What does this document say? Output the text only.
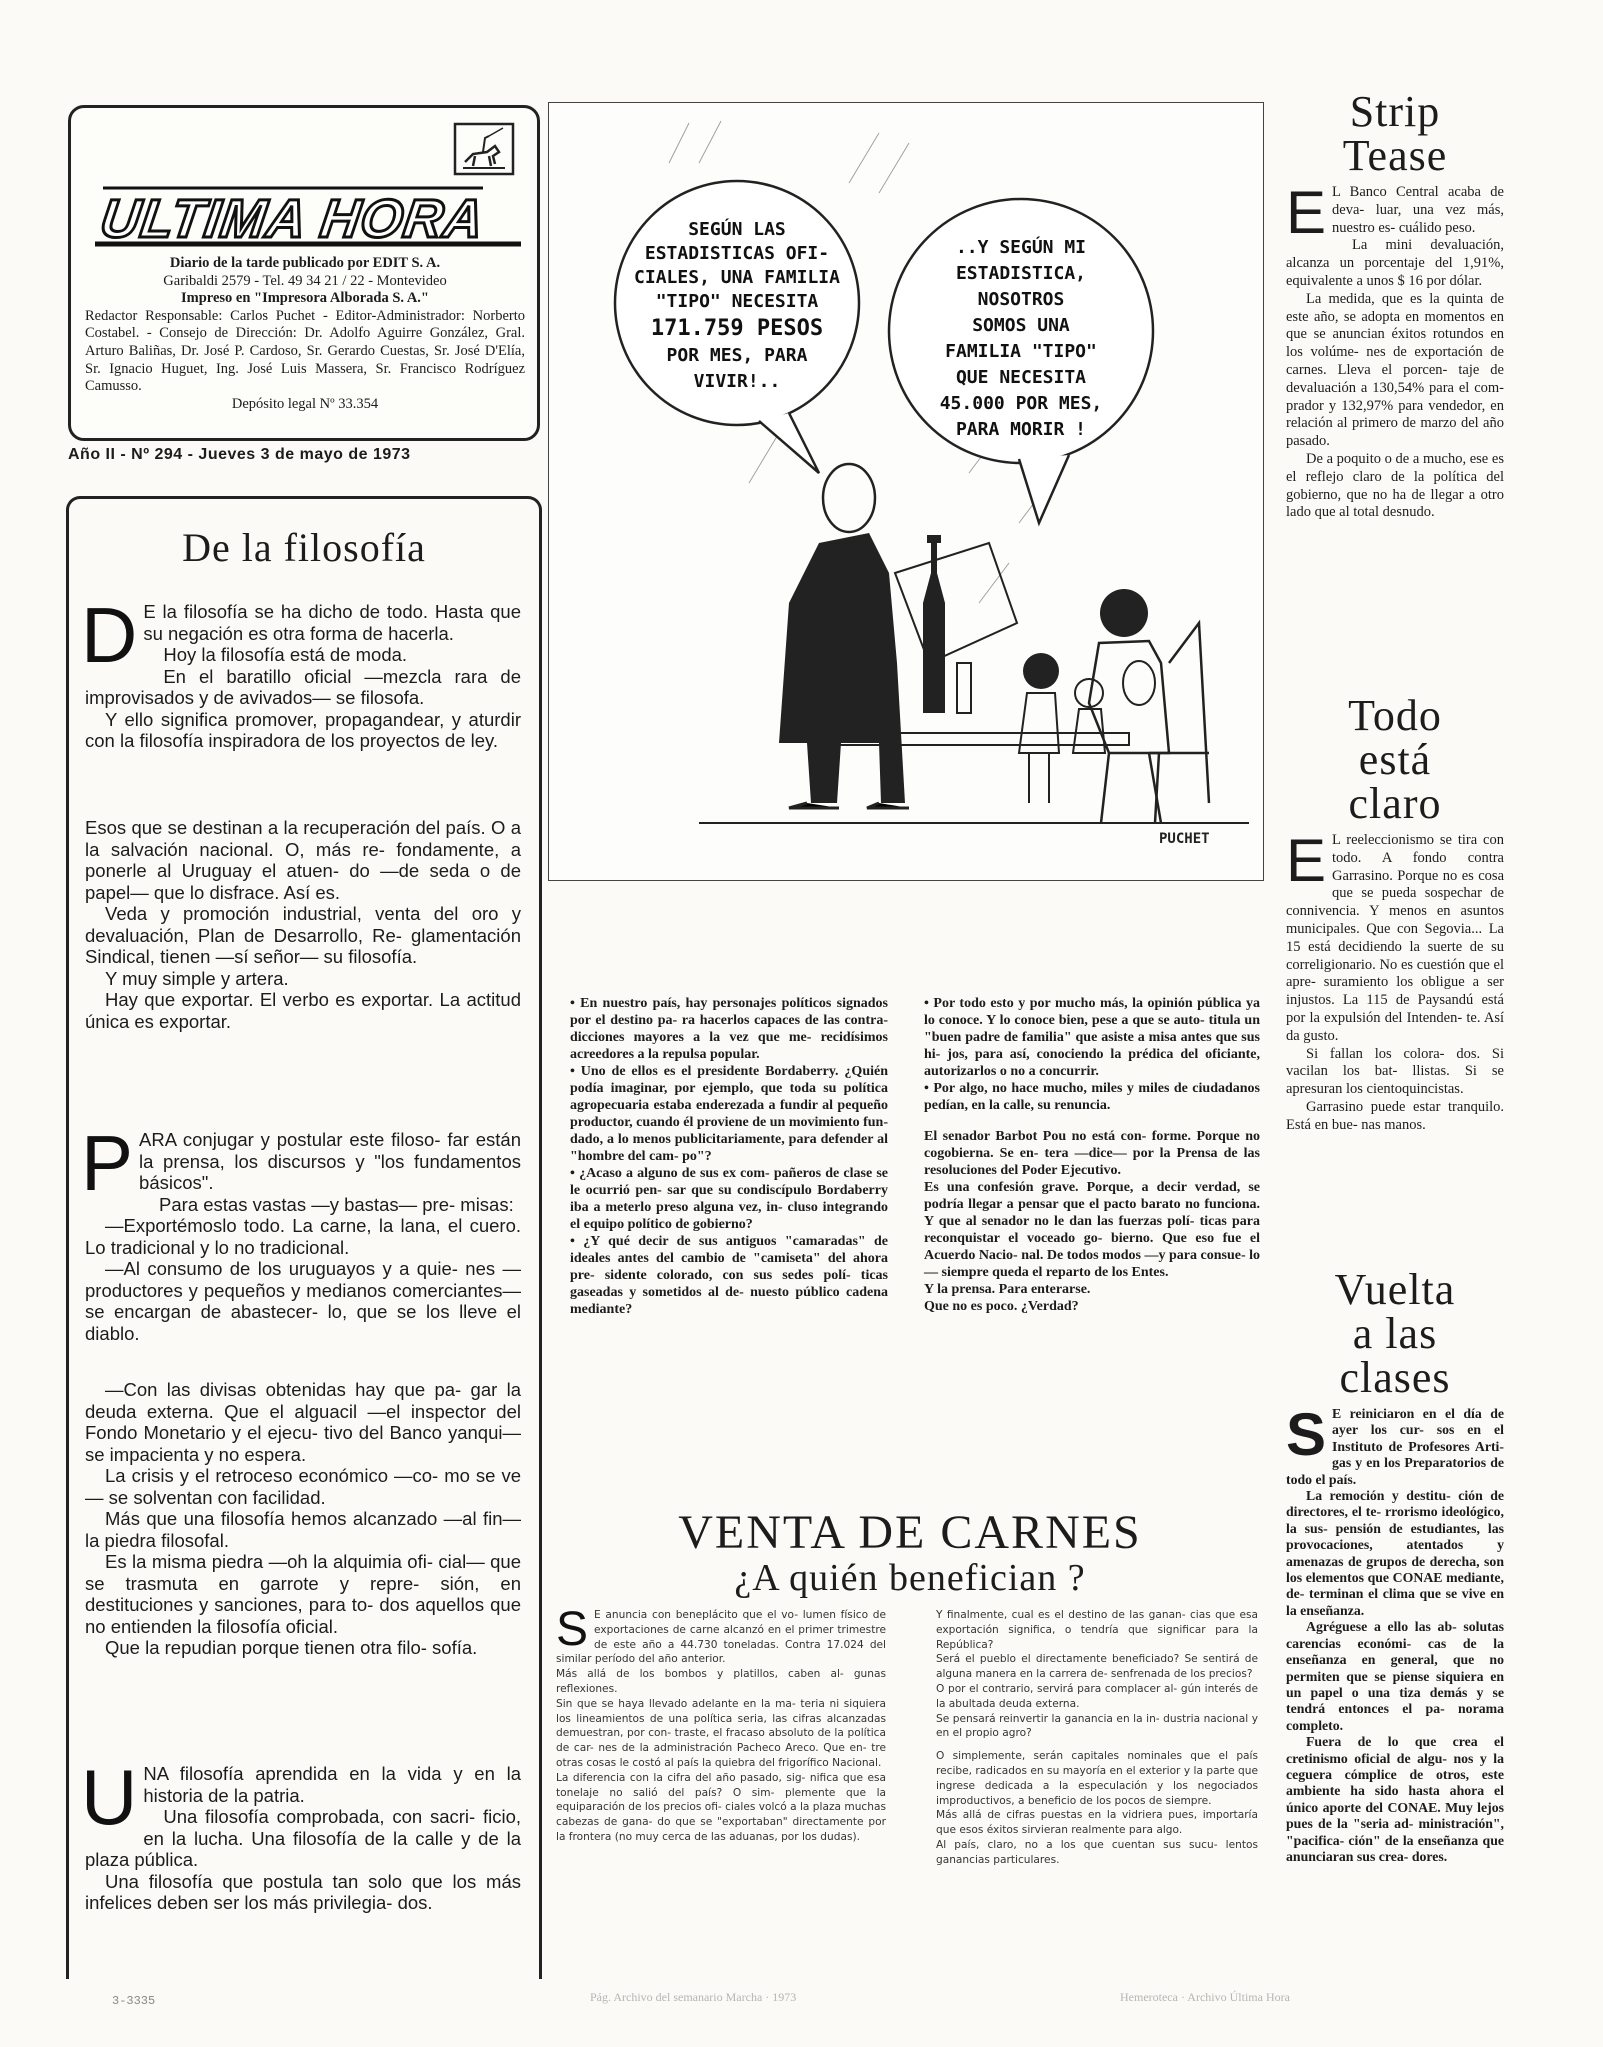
ULTIMA HORA

Diario de la tarde publicado por EDIT S. A.

Garibaldi 2579 - Tel. 49 34 21 / 22 - Montevideo

Impreso en "Impresora Alborada S. A."

Redactor Responsable: Carlos Puchet - Editor-Administrador: Norberto Costabel. - Consejo de Dirección: Dr. Adolfo Aguirre González, Gral. Arturo Baliñas, Dr. José P. Cardoso, Sr. Gerardo Cuestas, Sr. José D'Elía, Sr. Ignacio Huguet, Ing. José Luis Massera, Sr. Francisco Rodríguez Camusso.

Depósito legal Nº 33.354

Año II - Nº 294 - Jueves 3 de mayo de 1973
De la filosofía
D E la filosofía se ha dicho de todo. Hasta que su negación es otra forma de hacerla.

Hoy la filosofía está de moda.

En el baratillo oficial —mezcla rara de improvisados y de avivados— se filosofa.

Y ello significa promover, propagandear, y aturdir con la filosofía inspiradora de los proyectos de ley.

Esos que se destinan a la recuperación del país. O a la salvación nacional. O, más re- fondamente, a ponerle al Uruguay el atuen- do —de seda o de papel— que lo disfrace. Así es.

Veda y promoción industrial, venta del oro y devaluación, Plan de Desarrollo, Re- glamentación Sindical, tienen —sí señor— su filosofía.

Y muy simple y artera.

Hay que exportar. El verbo es exportar. La actitud única es exportar.

P ARA conjugar y postular este filoso- far están la prensa, los discursos y "los fundamentos básicos".

Para estas vastas —y bastas— pre- misas:

—Exportémoslo todo. La carne, la lana, el cuero. Lo tradicional y lo no tradicional.

—Al consumo de los uruguayos y a quie- nes —productores y pequeños y medianos comerciantes— se encargan de abastecer- lo, que se los lleve el diablo.

—Con las divisas obtenidas hay que pa- gar la deuda externa. Que el alguacil —el inspector del Fondo Monetario y el ejecu- tivo del Banco yanqui— se impacienta y no espera.

La crisis y el retroceso económico —co- mo se ve— se solventan con facilidad.

Más que una filosofía hemos alcanzado —al fin— la piedra filosofal.

Es la misma piedra —oh la alquimia ofi- cial— que se trasmuta en garrote y repre- sión, en destituciones y sanciones, para to- dos aquellos que no entienden la filosofía oficial.

Que la repudian porque tienen otra filo- sofía.

U NA filosofía aprendida en la vida y en la historia de la patria.

Una filosofía comprobada, con sacri- ficio, en la lucha. Una filosofía de la calle y de la plaza pública.

Una filosofía que postula tan solo que los más infelices deben ser los más privilegia- dos.

SEGÚN LAS
ESTADISTICAS OFI-
CIALES, UNA FAMILIA
"TIPO" NECESITA
171.759 PESOS
POR MES, PARA
VIVIR!..
..Y SEGÚN MI
ESTADISTICA,
NOSOTROS
SOMOS UNA
FAMILIA "TIPO"
QUE NECESITA
45.000 POR MES,
PARA MORIR !
PUCHET

• En nuestro país, hay personajes políticos signados por el destino pa- ra hacerlos capaces de las contra- dicciones mayores a la vez que me- recidísimos acreedores a la repulsa popular.

• Uno de ellos es el presidente Bordaberry. ¿Quién podía imaginar, por ejemplo, que toda su política agropecuaria estaba enderezada a fundir al pequeño productor, cuando él proviene de un movimiento fun- dado, a lo menos publicitariamente, para defender al "hombre del cam- po"?

• ¿Acaso a alguno de sus ex com- pañeros de clase se le ocurrió pen- sar que su condiscípulo Bordaberry iba a meterlo preso alguna vez, in- cluso integrando el equipo político de gobierno?

• ¿Y qué decir de sus antiguos "camaradas" de ideales antes del cambio de "camiseta" del ahora pre- sidente colorado, con sus sedes polí- ticas gaseadas y sometidos al de- nuesto público cadena mediante?

• Por todo esto y por mucho más, la opinión pública ya lo conoce. Y lo conoce bien, pese a que se auto- titula un "buen padre de familia" que asiste a misa antes que sus hi- jos, para así, conociendo la prédica del oficiante, autorizarlos o no a concurrir.

• Por algo, no hace mucho, miles y miles de ciudadanos pedían, en la calle, su renuncia.

El senador Barbot Pou no está con- forme. Porque no cogobierna. Se en- tera —dice— por la Prensa de las resoluciones del Poder Ejecutivo.

Es una confesión grave. Porque, a decir verdad, se podría llegar a pensar que el pacto barato no funciona. Y que al senador no le dan las fuerzas polí- ticas para reconquistar el voceado go- bierno. Que eso fue el Acuerdo Nacio- nal. De todos modos —y para consue- lo— siempre queda el reparto de los Entes.

Y la prensa. Para enterarse.

Que no es poco. ¿Verdad?

VENTA DE CARNES
¿A quién benefician ?
S E anuncia con beneplácito que el vo- lumen físico de exportaciones de carne alcanzó en el primer trimestre de este año a 44.730 toneladas. Contra 17.024 del similar período del año anterior.

Más allá de los bombos y platillos, caben al- gunas reflexiones.

Sin que se haya llevado adelante en la ma- teria ni siquiera los lineamientos de una política seria, las cifras alcanzadas demuestran, por con- traste, el fracaso absoluto de la política de car- nes de la administración Pacheco Areco. Que en- tre otras cosas le costó al país la quiebra del frigorífico Nacional.

La diferencia con la cifra del año pasado, sig- nifica que esa tonelaje no salió del país? O sim- plemente que la equiparación de los precios ofi- ciales volcó a la plaza muchas cabezas de gana- do que se "exportaban" directamente por la frontera (no muy cerca de las aduanas, por los dudas).

Y finalmente, cual es el destino de las ganan- cias que esa exportación significa, o tendría que significar para la República?

Será el pueblo el directamente beneficiado? Se sentirá de alguna manera en la carrera de- senfrenada de los precios?

O por el contrario, servirá para complacer al- gún interés de la abultada deuda externa.

Se pensará reinvertir la ganancia en la in- dustria nacional y en el propio agro?

O simplemente, serán capitales nominales que el país recibe, radicados en su mayoría en el exterior y la parte que ingrese dedicada a la especulación y los negociados improductivos, a beneficio de los pocos de siempre.

Más allá de cifras puestas en la vidriera pues, importaría que esos éxitos sirvieran realmente para algo.

Al país, claro, no a los que cuentan sus sucu- lentos ganancias particulares.

Strip
Tease
E L Banco Central acaba de deva- luar, una vez más, nuestro es- cuálido peso.

La mini devaluación, alcanza un porcentaje del 1,91%, equivalente a unos $ 16 por dólar.

La medida, que es la quinta de este año, se adopta en momentos en que se anuncian éxitos rotundos en los volúme- nes de exportación de carnes. Lleva el porcen- taje de devaluación a 130,54% para el com- prador y 132,97% para vendedor, en relación al primero de marzo del año pasado.

De a poquito o de a mucho, ese es el reflejo claro de la política del gobierno, que no ha de llegar a otro lado que al total desnudo.

Todo
está
claro
E L reeleccionismo se tira con todo. A fondo contra Garrasino. Porque no es cosa que se pueda sospechar de connivencia. Y menos en asuntos municipales. Que con Segovia... La 15 está decidiendo la suerte de su correligionario. No es cuestión que el apre- suramiento los obligue a ser injustos. La 115 de Paysandú está por la expulsión del Intenden- te. Así da gusto.

Si fallan los colora- dos. Si vacilan los bat- llistas. Si se apresuran los cientoquincistas.

Garrasino puede estar tranquilo. Está en bue- nas manos.

Vuelta
a las
clases
S E reiniciaron en el día de ayer los cur- sos en el Instituto de Profesores Arti- gas y en los Preparatorios de todo el país.

La remoción y destitu- ción de directores, el te- rrorismo ideológico, la sus- pensión de estudiantes, las provocaciones, atentados y amenazas de grupos de derecha, son los elementos que CONAE mediante, de- terminan el clima que se vive en la enseñanza.

Agréguese a ello las ab- solutas carencias económi- cas de la enseñanza en general, que no permiten que se piense siquiera en un papel o una tiza demás y se tendrá entonces el pa- norama completo.

Fuera de lo que crea el cretinismo oficial de algu- nos y la ceguera cómplice de otros, este ambiente ha sido hasta ahora el único aporte del CONAE. Muy lejos pues de la "seria ad- ministración", "pacifica- ción" de la enseñanza que anunciaran sus crea- dores.

3-3335	Pág. Archivo del semanario Marcha · 1973	Hemeroteca · Archivo Última Hora
